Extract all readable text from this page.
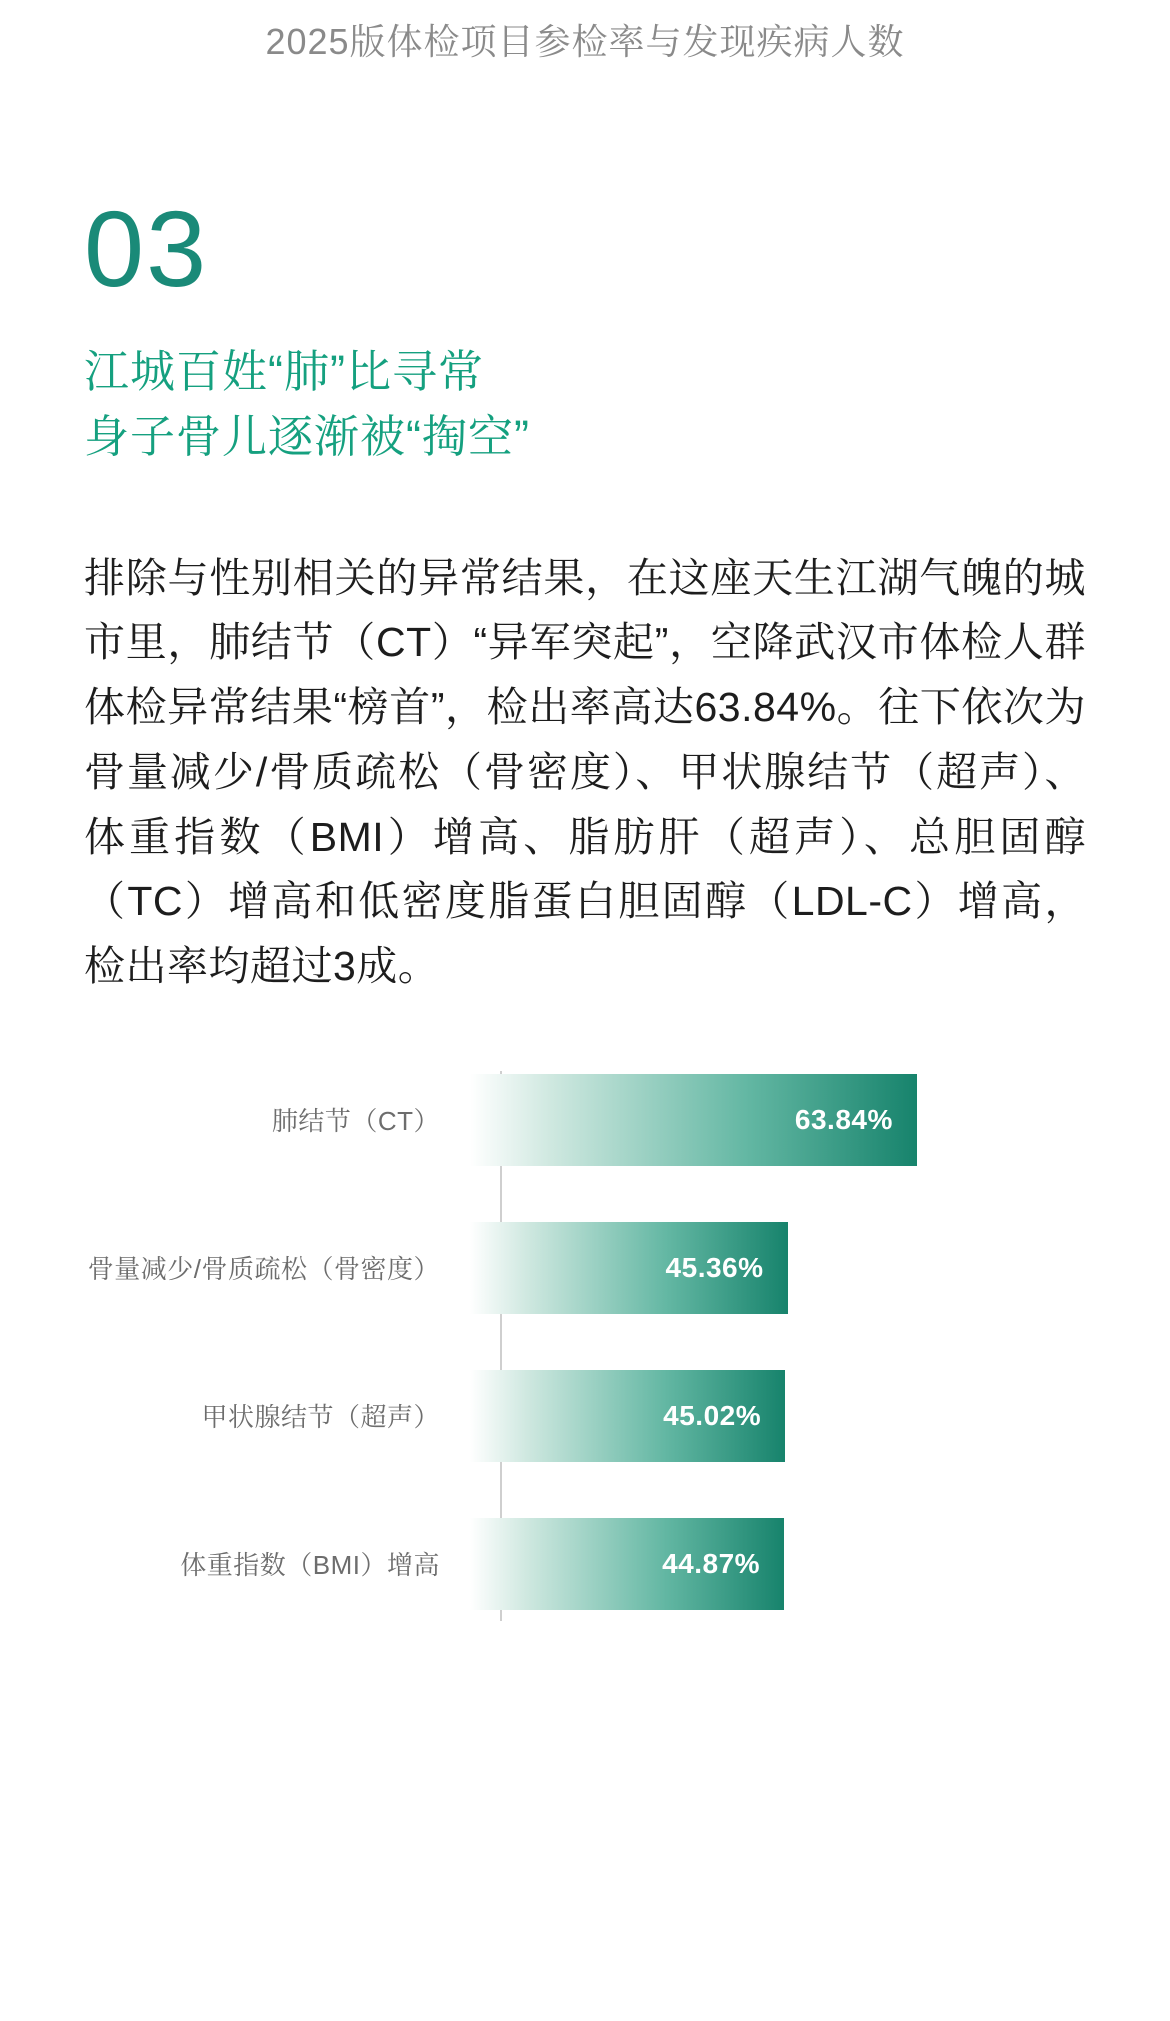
2025版体检项目参检率与发现疾病人数
03
江城百姓“肺”比寻常
身子骨儿逐渐被“掏空”
排除与性别相关的异常结果，在这座天生江湖气魄的城市里，肺结节（CT）“异军突起”，空降武汉市体检人群体检异常结果“榜首”，检出率高达63.84%。往下依次为骨量减少/骨质疏松（骨密度）、甲状腺结节（超声）、体重指数（BMI）增高、脂肪肝（超声）、总胆固醇（TC）增高和低密度脂蛋白胆固醇（LDL-C）增高，检出率均超过3成。
肺结节（CT）	63.84%
骨量减少/骨质疏松（骨密度）	45.36%
甲状腺结节（超声）	45.02%
体重指数（BMI）增高	44.87%
